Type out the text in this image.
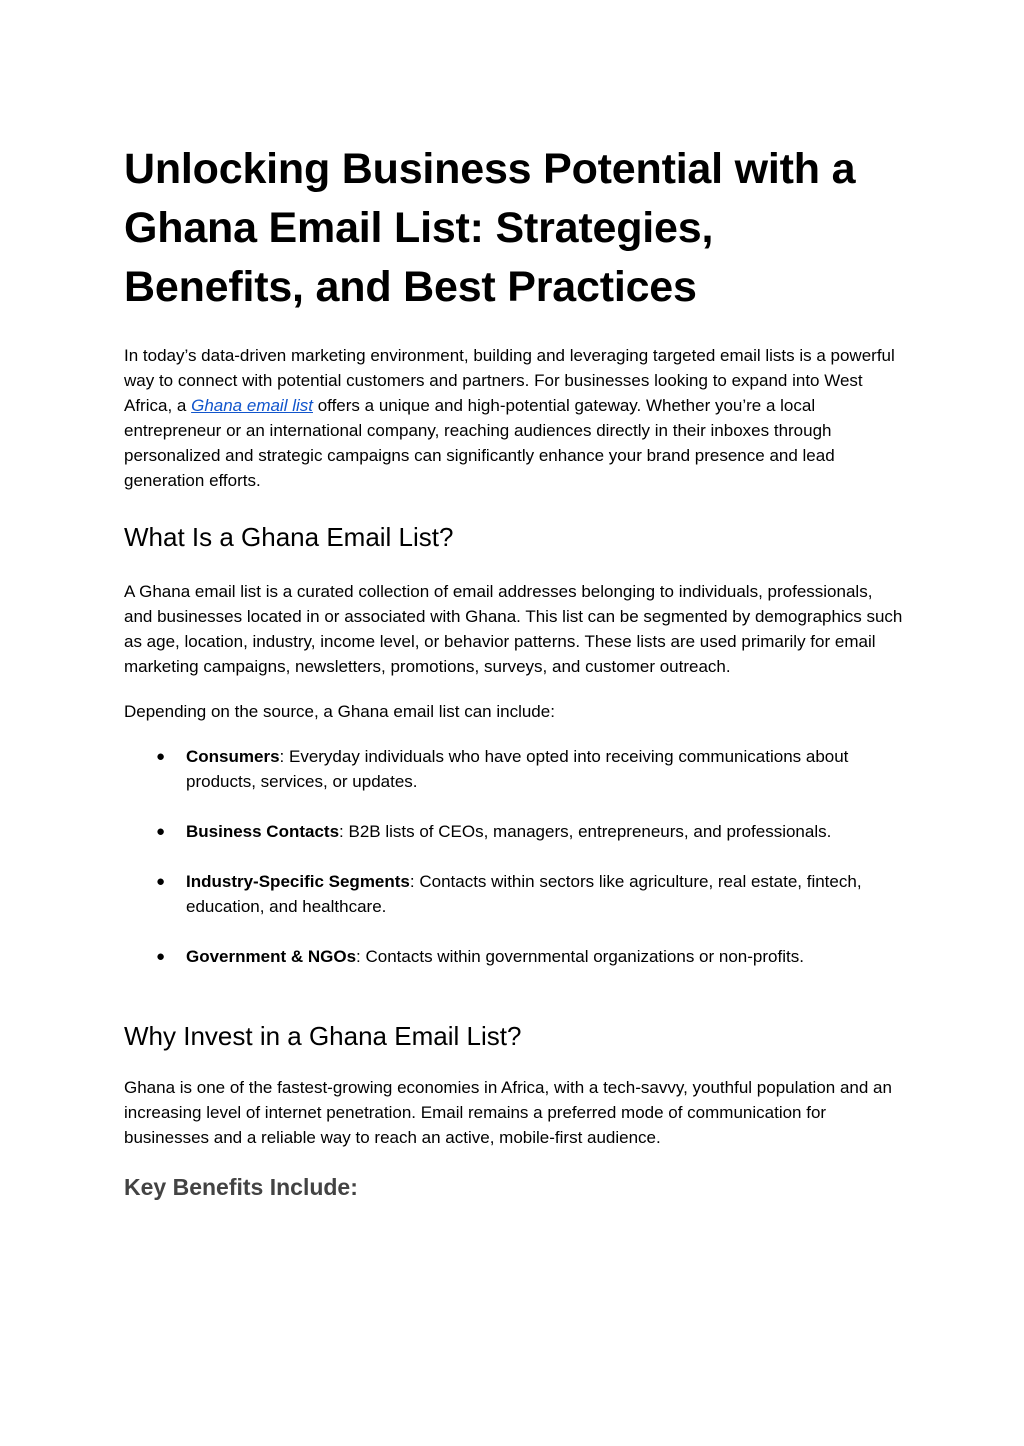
Unlocking Business Potential with a Ghana Email List: Strategies, Benefits, and Best Practices

In today’s data-driven marketing environment, building and leveraging targeted email lists is a powerful way to connect with potential customers and partners. For businesses looking to expand into West Africa, a Ghana email list offers a unique and high-potential gateway. Whether you’re a local entrepreneur or an international company, reaching audiences directly in their inboxes through personalized and strategic campaigns can significantly enhance your brand presence and lead generation efforts.

What Is a Ghana Email List?

A Ghana email list is a curated collection of email addresses belonging to individuals, professionals, and businesses located in or associated with Ghana. This list can be segmented by demographics such as age, location, industry, income level, or behavior patterns. These lists are used primarily for email marketing campaigns, newsletters, promotions, surveys, and customer outreach.

Depending on the source, a Ghana email list can include:

● Consumers: Everyday individuals who have opted into receiving communications about products, services, or updates.
● Business Contacts: B2B lists of CEOs, managers, entrepreneurs, and professionals.
● Industry-Specific Segments: Contacts within sectors like agriculture, real estate, fintech, education, and healthcare.
● Government & NGOs: Contacts within governmental organizations or non-profits.
Why Invest in a Ghana Email List?

Ghana is one of the fastest-growing economies in Africa, with a tech-savvy, youthful population and an increasing level of internet penetration. Email remains a preferred mode of communication for businesses and a reliable way to reach an active, mobile-first audience.

Key Benefits Include:
